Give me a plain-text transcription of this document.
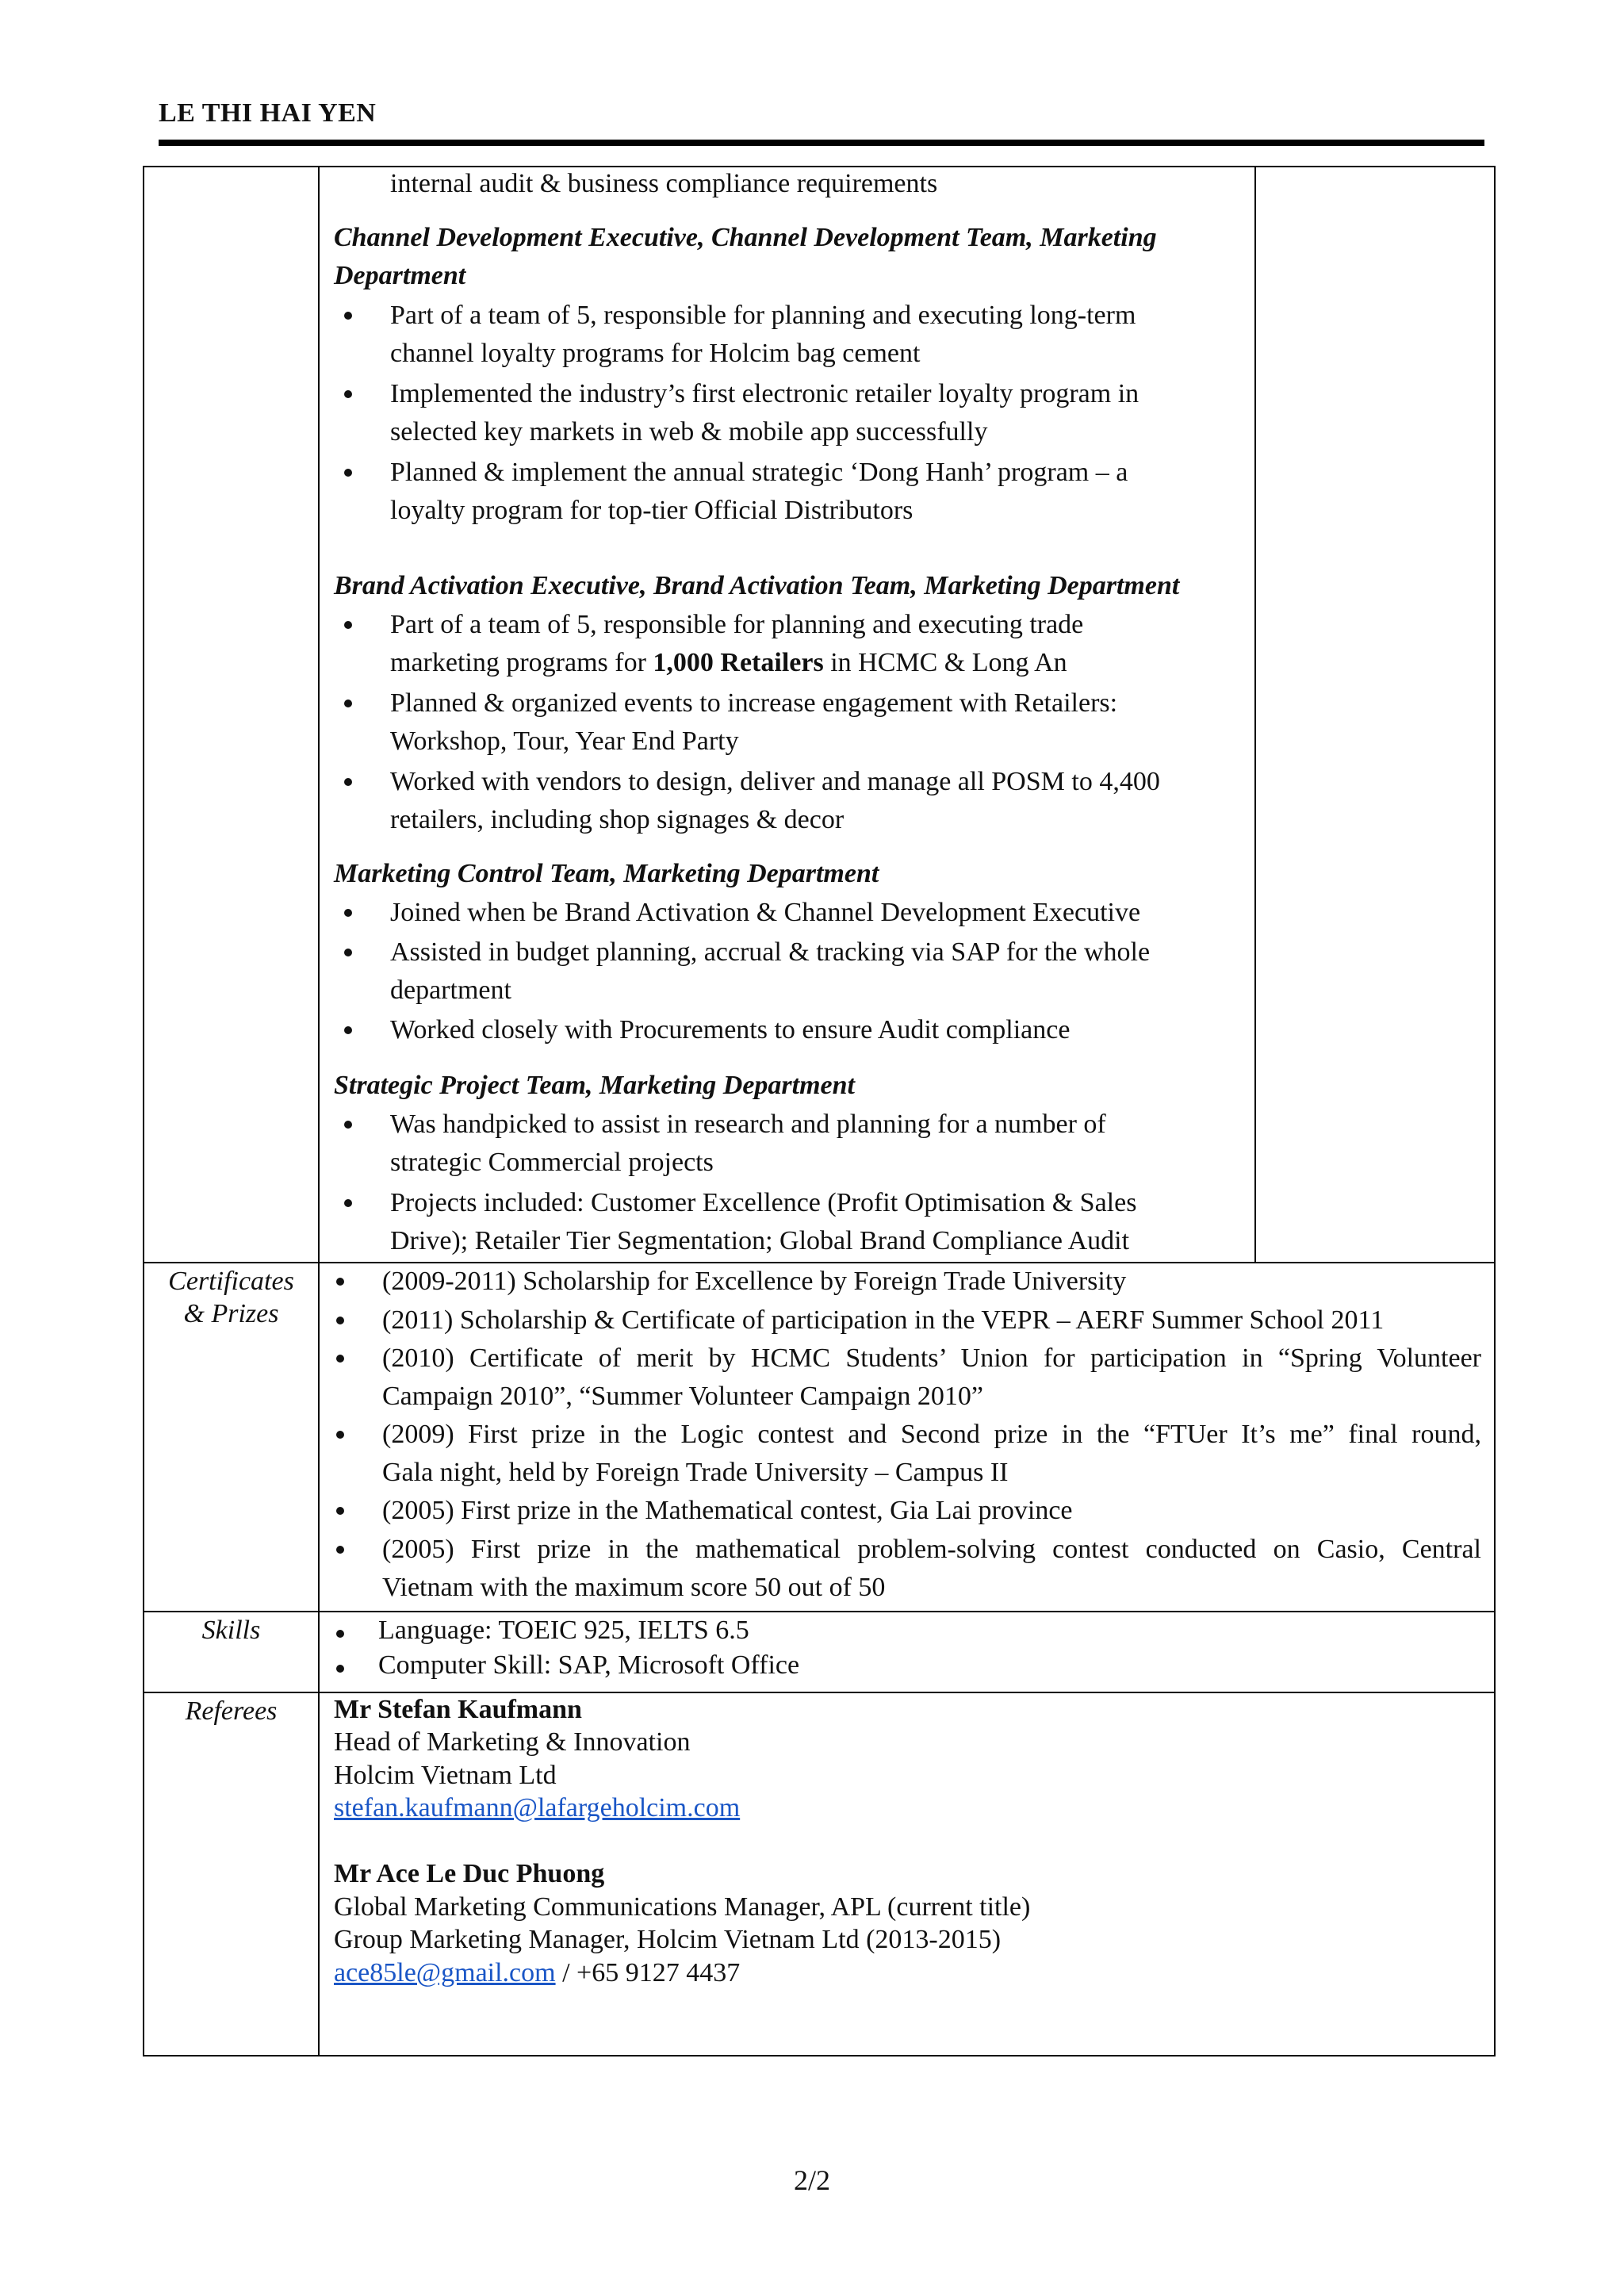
LE THI HAI YEN
internal audit & business compliance requirements
Channel Development Executive, Channel Development Team, Marketing
Department
Part of a team of 5, responsible for planning and executing long-term
channel loyalty programs for Holcim bag cement
Implemented the industry’s first electronic retailer loyalty program in
selected key markets in web & mobile app successfully
Planned & implement the annual strategic ‘Dong Hanh’ program – a
loyalty program for top-tier Official Distributors
Brand Activation Executive, Brand Activation Team, Marketing Department
Part of a team of 5, responsible for planning and executing trade
marketing programs for 1,000 Retailers in HCMC & Long An
Planned & organized events to increase engagement with Retailers:
Workshop, Tour, Year End Party
Worked with vendors to design, deliver and manage all POSM to 4,400
retailers, including shop signages & decor
Marketing Control Team, Marketing Department
Joined when be Brand Activation & Channel Development Executive
Assisted in budget planning, accrual & tracking via SAP for the whole
department
Worked closely with Procurements to ensure Audit compliance
Strategic Project Team, Marketing Department
Was handpicked to assist in research and planning for a number of
strategic Commercial projects
Projects included: Customer Excellence (Profit Optimisation & Sales
Drive); Retailer Tier Segmentation; Global Brand Compliance Audit
Certificates
& Prizes
(2009-2011) Scholarship for Excellence by Foreign Trade University
(2011) Scholarship & Certificate of participation in the VEPR – AERF Summer School 2011
(2010) Certificate of merit by HCMC Students’ Union for participation in “Spring Volunteer
Campaign 2010”, “Summer Volunteer Campaign 2010”
(2009) First prize in the Logic contest and Second prize in the “FTUer It’s me” final round,
Gala night, held by Foreign Trade University – Campus II
(2005) First prize in the Mathematical contest, Gia Lai province
(2005) First prize in the mathematical problem-solving contest conducted on Casio, Central
Vietnam with the maximum score 50 out of 50
Skills	Language: TOEIC 925, IELTS 6.5
Computer Skill: SAP, Microsoft Office
Referees	Mr Stefan Kaufmann
Head of Marketing & Innovation
Holcim Vietnam Ltd
stefan.kaufmann@lafargeholcim.com
Mr Ace Le Duc Phuong
Global Marketing Communications Manager, APL (current title)
Group Marketing Manager, Holcim Vietnam Ltd (2013-2015)
ace85le@gmail.com / +65 9127 4437
2/2
